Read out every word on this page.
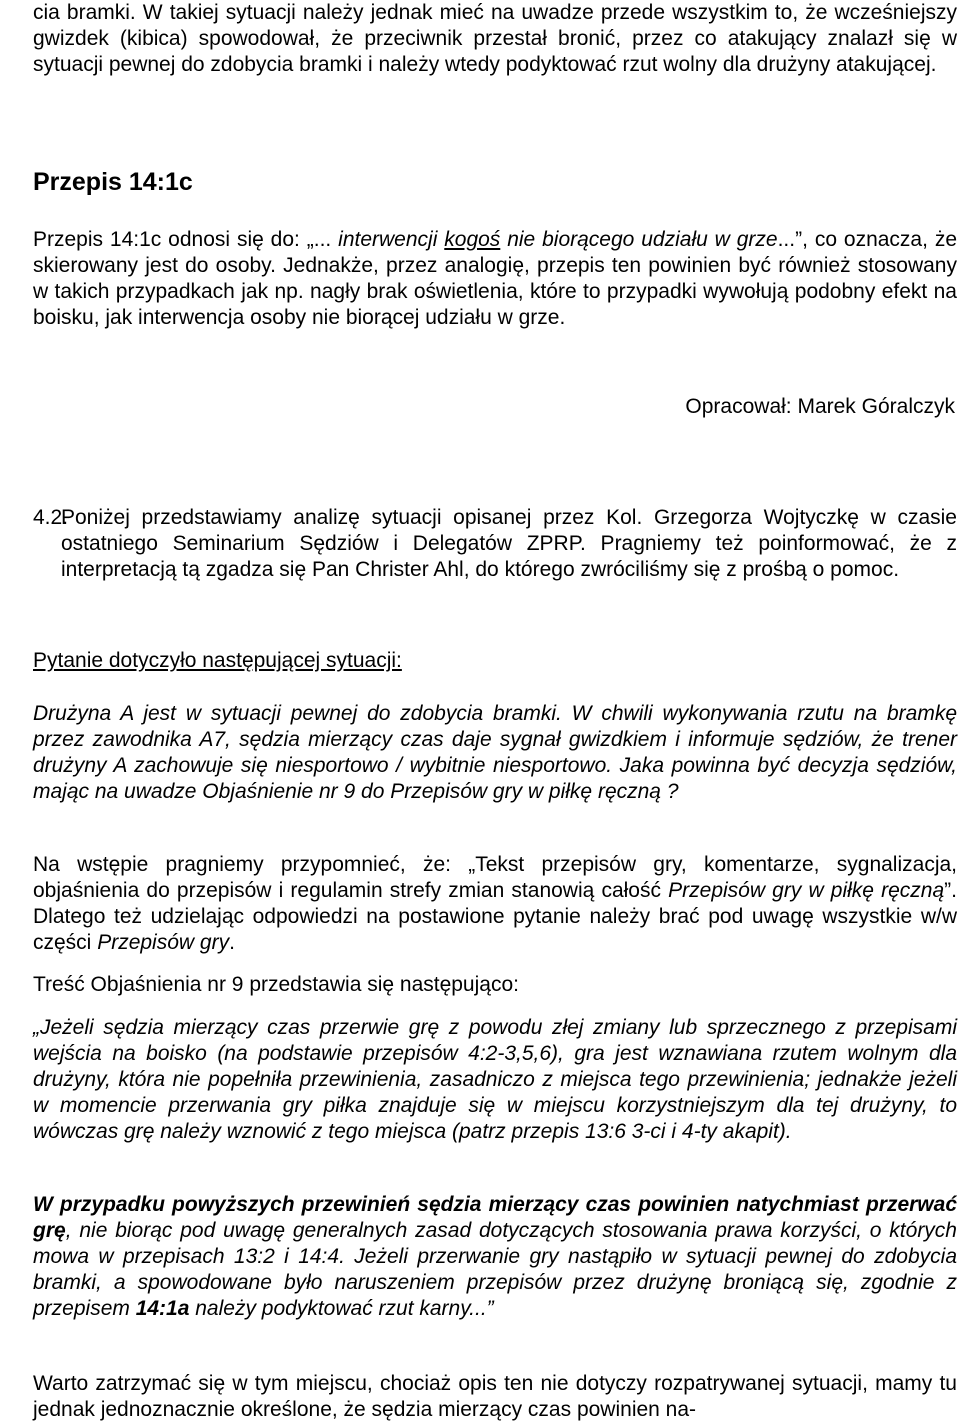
cia bramki. W takiej sytuacji należy jednak mieć na uwadze przede wszystkim to, że wcześniejszy gwizdek (kibica) spowodował, że przeciwnik przestał bronić, przez co atakujący znalazł się w sytuacji pewnej do zdobycia bramki i należy wtedy podyktować rzut wolny dla drużyny atakującej.

Przepis 14:1c

Przepis 14:1c odnosi się do: „... interwencji kogoś nie biorącego udziału w grze...”, co oznacza, że skierowany jest do osoby. Jednakże, przez analogię, przepis ten powinien być również stosowany w takich przypadkach jak np. nagły brak oświetlenia, które to przypadki wywołują podobny efekt na boisku, jak interwencja osoby nie biorącej udziału w grze.

Opracował: Marek Góralczyk
4.2.

Poniżej przedstawiamy analizę sytuacji opisanej przez Kol. Grzegorza Wojtyczkę w czasie ostatniego Seminarium Sędziów i Delegatów ZPRP. Pragniemy też poinformować, że z interpretacją tą zgadza się Pan Christer Ahl, do którego zwróciliśmy się z prośbą o pomoc.

Pytanie dotyczyło następującej sytuacji:

Drużyna A jest w sytuacji pewnej do zdobycia bramki. W chwili wykonywania rzutu na bramkę przez zawodnika A7, sędzia mierzący czas daje sygnał gwizdkiem i informuje sędziów, że trener drużyny A zachowuje się niesportowo / wybitnie niesportowo. Jaka powinna być decyzja sędziów, mając na uwadze Objaśnienie nr 9 do Przepisów gry w piłkę ręczną ?

Na wstępie pragniemy przypomnieć, że: „Tekst przepisów gry, komentarze, sygnalizacja, objaśnienia do przepisów i regulamin strefy zmian stanowią całość Przepisów gry w piłkę ręczną”. Dlatego też udzielając odpowiedzi na postawione pytanie należy brać pod uwagę wszystkie w/w części Przepisów gry.

Treść Objaśnienia nr 9 przedstawia się następująco:

„Jeżeli sędzia mierzący czas przerwie grę z powodu złej zmiany lub sprzecznego z przepisami wejścia na boisko (na podstawie przepisów 4:2-3,5,6), gra jest wznawiana rzutem wolnym dla drużyny, która nie popełniła przewinienia, zasadniczo z miejsca tego przewinienia; jednakże jeżeli w momencie przerwania gry piłka znajduje się w miejscu korzystniejszym dla tej drużyny, to wówczas grę należy wznowić z tego miejsca (patrz przepis 13:6 3-ci i 4-ty akapit).

W przypadku powyższych przewinień sędzia mierzący czas powinien natychmiast przerwać grę, nie biorąc pod uwagę generalnych zasad dotyczących stosowania prawa korzyści, o których mowa w przepisach 13:2 i 14:4. Jeżeli przerwanie gry nastąpiło w sytuacji pewnej do zdobycia bramki, a spowodowane było naruszeniem przepisów przez drużynę broniącą się, zgodnie z przepisem 14:1a należy podyktować rzut karny...”

Warto zatrzymać się w tym miejscu, chociaż opis ten nie dotyczy rozpatrywanej sytuacji, mamy tu jednak jednoznacznie określone, że sędzia mierzący czas powinien na-
